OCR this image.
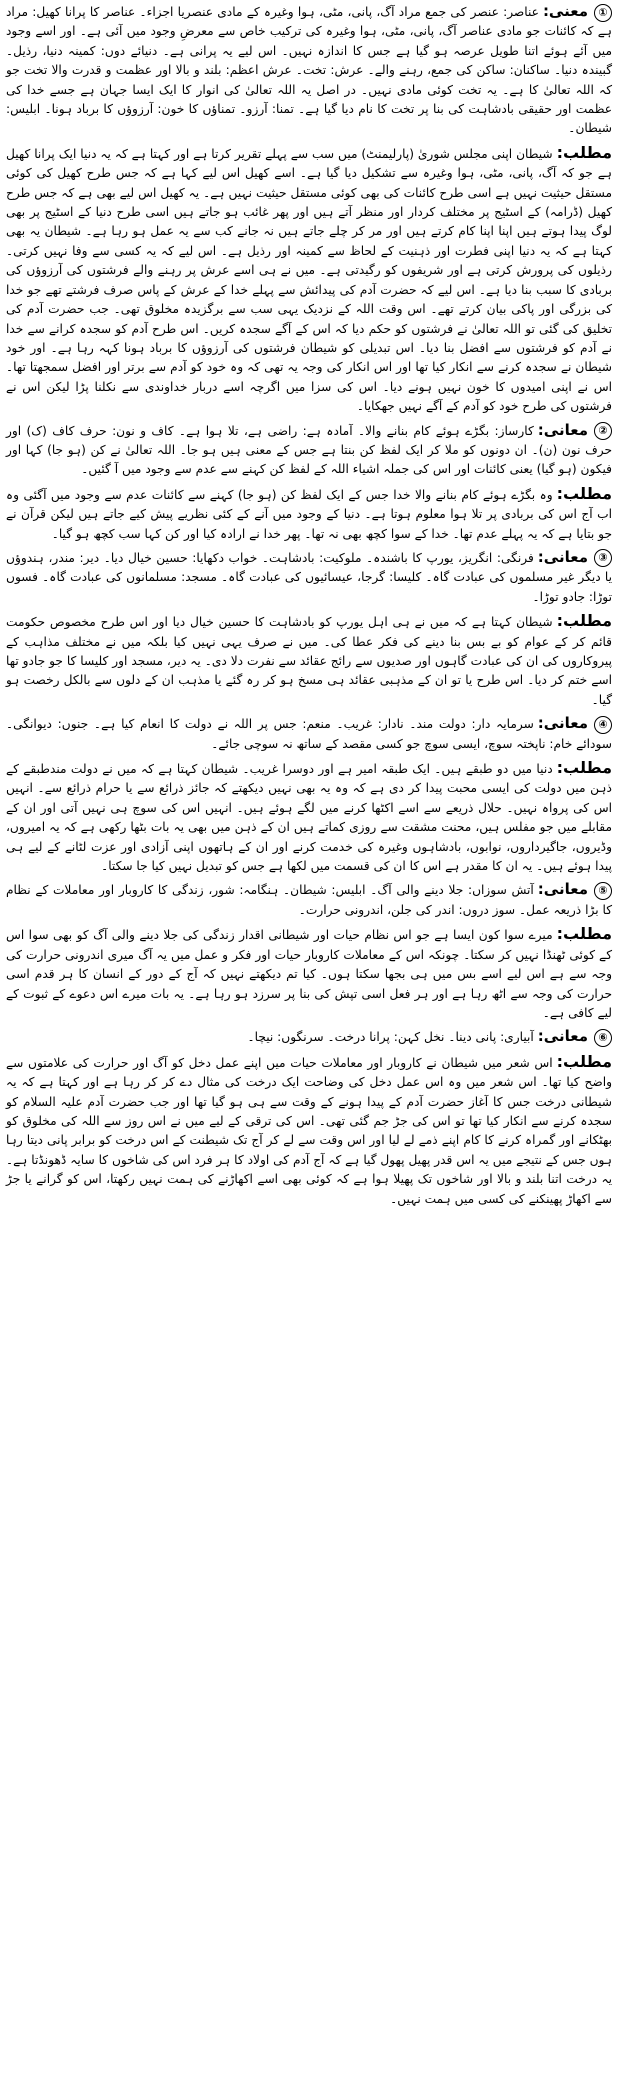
①معنی:عناصر: عنصر کی جمع مراد آگ، پانی، مٹی، ہوا وغیرہ کے مادی عنصریا اجزاء۔ عناصر کا پرانا کھیل: مراد ہے کہ کائنات جو مادی عناصر آگ، پانی، مٹی، ہوا وغیرہ کی ترکیب خاص سے معرضِ وجود میں آئی ہے۔ اور اسے وجود میں آئے ہوئے اتنا طویل عرصہ ہو گیا ہے جس کا اندازہ نہیں۔ اس لیے یہ پرانی ہے۔ دنیائے دوں: کمینہ دنیا، رذیل۔ گبیندہ دنیا۔ ساکنان: ساکن کی جمع، رہنے والے۔ عرش: تخت۔ عرش اعظم: بلند و بالا اور عظمت و قدرت والا تخت جو کہ اللہ تعالیٰ کا ہے۔ یہ تخت کوئی مادی نہیں۔ در اصل یہ اللہ تعالیٰ کی انوار کا ایک ایسا جہان ہے جسے خدا کی عظمت اور حقیقی بادشاہت کی بنا پر تخت کا نام دیا گیا ہے۔ تمنا: آرزو۔ تمناؤں کا خون: آرزوؤں کا برباد ہونا۔ ابلیس: شیطان۔

مطلب:شیطان اپنی مجلس شوریٰ (پارلیمنٹ) میں سب سے پہلے تقریر کرتا ہے اور کہتا ہے کہ یہ دنیا ایک پرانا کھیل ہے جو کہ آگ، پانی، مٹی، ہوا وغیرہ سے تشکیل دیا گیا ہے۔ اسے کھیل اس لیے کہا ہے کہ جس طرح کھیل کی کوئی مستقل حیثیت نہیں ہے اسی طرح کائنات کی بھی کوئی مستقل حیثیت نہیں ہے۔ یہ کھیل اس لیے بھی ہے کہ جس طرح کھیل (ڈرامہ) کے اسٹیج پر مختلف کردار اور منظر آتے ہیں اور پھر غائب ہو جاتے ہیں اسی طرح دنیا کے اسٹیج پر بھی لوگ پیدا ہوتے ہیں اپنا اپنا کام کرتے ہیں اور مر کر چلے جاتے ہیں نہ جانے کب سے یہ عمل ہو رہا ہے۔ شیطان یہ بھی کہتا ہے کہ یہ دنیا اپنی فطرت اور ذہنیت کے لحاظ سے کمینہ اور رذیل ہے۔ اس لیے کہ یہ کسی سے وفا نہیں کرتی۔ رذیلوں کی پرورش کرتی ہے اور شریفوں کو رگیدتی ہے۔ میں نے ہی اسے عرش پر رہنے والے فرشتوں کی آرزوؤں کی بربادی کا سبب بنا دیا ہے۔ اس لیے کہ حضرت آدم کی پیدائش سے پہلے خدا کے عرش کے پاس صرف فرشتے تھے جو خدا کی بزرگی اور پاکی بیان کرتے تھے۔ اس وقت اللہ کے نزدیک یہی سب سے برگزیدہ مخلوق تھی۔ جب حضرت آدم کی تخلیق کی گئی تو اللہ تعالیٰ نے فرشتوں کو حکم دیا کہ اس کے آگے سجدہ کریں۔ اس طرح آدم کو سجدہ کرانے سے خدا نے آدم کو فرشتوں سے افضل بنا دیا۔ اس تبدیلی کو شیطان فرشتوں کی آرزوؤں کا برباد ہونا کہہ رہا ہے۔ اور خود شیطان نے سجدہ کرنے سے انکار کیا تھا اور اس انکار کی وجہ یہ تھی کہ وہ خود کو آدم سے برتر اور افضل سمجھتا تھا۔ اس نے اپنی امیدوں کا خون نہیں ہونے دیا۔ اس کی سزا میں اگرچہ اسے دربار خداوندی سے نکلنا پڑا لیکن اس نے فرشتوں کی طرح خود کو آدم کے آگے نہیں جھکایا۔

②معانی:کارساز: بگڑے ہوئے کام بنانے والا۔ آمادہ ہے: راضی ہے، تلا ہوا ہے۔ کاف و نون: حرف کاف (ک) اور حرف نون (ن)۔ ان دونوں کو ملا کر ایک لفظ کن بنتا ہے جس کے معنی ہیں ہو جا۔ اللہ تعالیٰ نے کن (ہو جا) کہا اور فیکون (ہو گیا) یعنی کائنات اور اس کی جملہ اشیاء اللہ کے لفظ کن کہنے سے عدم سے وجود میں آ گئیں۔

مطلب:وہ بگڑے ہوئے کام بنانے والا خدا جس کے ایک لفظ کن (ہو جا) کہنے سے کائنات عدم سے وجود میں آگئی وہ اب آج اس کی بربادی پر تلا ہوا معلوم ہوتا ہے۔ دنیا کے وجود میں آنے کے کئی نظریے پیش کیے جاتے ہیں لیکن قرآن نے جو بتایا ہے کہ یہ پہلے عدم تھا۔ خدا کے سوا کچھ بھی نہ تھا۔ پھر خدا نے ارادہ کیا اور کن کہا سب کچھ ہو گیا۔

③معانی:فرنگی: انگریز، یورپ کا باشندہ۔ ملوکیت: بادشاہت۔ خواب دکھایا: حسین خیال دیا۔ دیر: مندر، ہندوؤں یا دیگر غیر مسلموں کی عبادت گاہ۔ کلیسا: گرجا، عیسائیوں کی عبادت گاہ۔ مسجد: مسلمانوں کی عبادت گاہ۔ فسوں توڑا: جادو توڑا۔

مطلب:شیطان کہتا ہے کہ میں نے ہی اہل یورپ کو بادشاہت کا حسین خیال دیا اور اس طرح مخصوص حکومت قائم کر کے عوام کو بے بس بنا دینے کی فکر عطا کی۔ میں نے صرف یہی نہیں کیا بلکہ میں نے مختلف مذاہب کے پیروکاروں کی ان کی عبادت گاہوں اور صدیوں سے رائج عقائد سے نفرت دلا دی۔ یہ دیر، مسجد اور کلیسا کا جو جادو تھا اسے ختم کر دیا۔ اس طرح یا تو ان کے مذہبی عقائد ہی مسخ ہو کر رہ گئے یا مذہب ان کے دلوں سے بالکل رخصت ہو گیا۔

④معانی:سرمایہ دار: دولت مند۔ نادار: غریب۔ منعم: جس پر اللہ نے دولت کا انعام کیا ہے۔ جنوں: دیوانگی۔ سودائے خام: ناپختہ سوچ، ایسی سوچ جو کسی مقصد کے ساتھ نہ سوچی جائے۔

مطلب:دنیا میں دو طبقے ہیں۔ ایک طبقہ امیر ہے اور دوسرا غریب۔ شیطان کہتا ہے کہ میں نے دولت مندطبقے کے ذہن میں دولت کی ایسی محبت پیدا کر دی ہے کہ وہ یہ بھی نہیں دیکھتے کہ جائز ذرائع سے یا حرام ذرائع سے۔ انہیں اس کی پرواہ نہیں۔ حلال ذریعے سے اسے اکٹھا کرنے میں لگے ہوئے ہیں۔ انہیں اس کی سوچ ہی نہیں آتی اور ان کے مقابلے میں جو مفلس ہیں، محنت مشقت سے روزی کماتے ہیں ان کے ذہن میں بھی یہ بات بٹھا رکھی ہے کہ یہ امیروں، وڈیروں، جاگیرداروں، نوابوں، بادشاہوں وغیرہ کی خدمت کرنے اور ان کے ہاتھوں اپنی آزادی اور عزت لٹانے کے لیے ہی پیدا ہوئے ہیں۔ یہ ان کا مقدر ہے اس کا ان کی قسمت میں لکھا ہے جس کو تبدیل نہیں کیا جا سکتا۔

⑤معانی:آتش سوزاں: جلا دینے والی آگ۔ ابلیس: شیطان۔ ہنگامہ: شور، زندگی کا کاروبار اور معاملات کے نظام کا بڑا ذریعہ عمل۔ سوز دروں: اندر کی جلن، اندرونی حرارت۔

مطلب:میرے سوا کون ایسا ہے جو اس نظام حیات اور شیطانی اقدار زندگی کی جلا دینے والی آگ کو بھی سوا اس کے کوئی ٹھنڈا نہیں کر سکتا۔ چونکہ اس کے معاملات کاروبار حیات اور فکر و عمل میں یہ آگ میری اندرونی حرارت کی وجہ سے ہے اس لیے اسے بس میں ہی بجھا سکتا ہوں۔ کیا تم دیکھتے نہیں کہ آج کے دور کے انسان کا ہر قدم اسی حرارت کی وجہ سے اٹھ رہا ہے اور ہر فعل اسی تپش کی بنا پر سرزد ہو رہا ہے۔ یہ بات میرے اس دعوے کے ثبوت کے لیے کافی ہے۔

⑥معانی:آبیاری: پانی دینا۔ نخل کہن: پرانا درخت۔ سرنگوں: نیچا۔

مطلب:اس شعر میں شیطان نے کاروبار اور معاملات حیات میں اپنے عمل دخل کو آگ اور حرارت کی علامتوں سے واضح کیا تھا۔ اس شعر میں وہ اس عمل دخل کی وضاحت ایک درخت کی مثال دے کر کر رہا ہے اور کہتا ہے کہ یہ شیطانی درخت جس کا آغاز حضرت آدم کے پیدا ہونے کے وقت سے ہی ہو گیا تھا اور جب حضرت آدم علیہ السلام کو سجدہ کرنے سے انکار کیا تھا تو اس کی جڑ جم گئی تھی۔ اس کی ترقی کے لیے میں نے اس روز سے اللہ کی مخلوق کو بھٹکانے اور گمراہ کرنے کا کام اپنے ذمے لے لیا اور اس وقت سے لے کر آج تک شیطنت کے اس درخت کو برابر پانی دیتا رہا ہوں جس کے نتیجے میں یہ اس قدر پھیل پھول گیا ہے کہ آج آدم کی اولاد کا ہر فرد اس کی شاخوں کا سایہ ڈھونڈتا ہے۔ یہ درخت اتنا بلند و بالا اور شاخوں تک پھیلا ہوا ہے کہ کوئی بھی اسے اکھاڑنے کی ہمت نہیں رکھتا، اس کو گرانے یا جڑ سے اکھاڑ پھینکنے کی کسی میں ہمت نہیں۔
